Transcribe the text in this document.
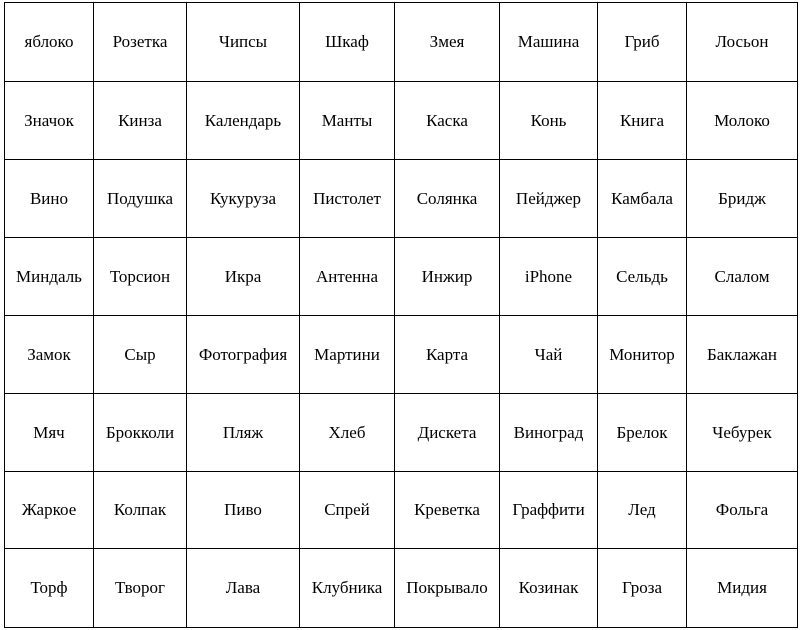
яблоко	Розетка	Чипсы	Шкаф	Змея	Машина	Гриб	Лосьон
Значок	Кинза	Календарь	Манты	Каска	Конь	Книга	Молоко
Вино	Подушка	Кукуруза	Пистолет	Солянка	Пейджер	Камбала	Бридж
Миндаль	Торсион	Икра	Антенна	Инжир	iPhone	Сельдь	Слалом
Замок	Сыр	Фотография	Мартини	Карта	Чай	Монитор	Баклажан
Мяч	Брокколи	Пляж	Хлеб	Дискета	Виноград	Брелок	Чебурек
Жаркое	Колпак	Пиво	Спрей	Креветка	Граффити	Лед	Фольга
Торф	Творог	Лава	Клубника	Покрывало	Козинак	Гроза	Мидия
